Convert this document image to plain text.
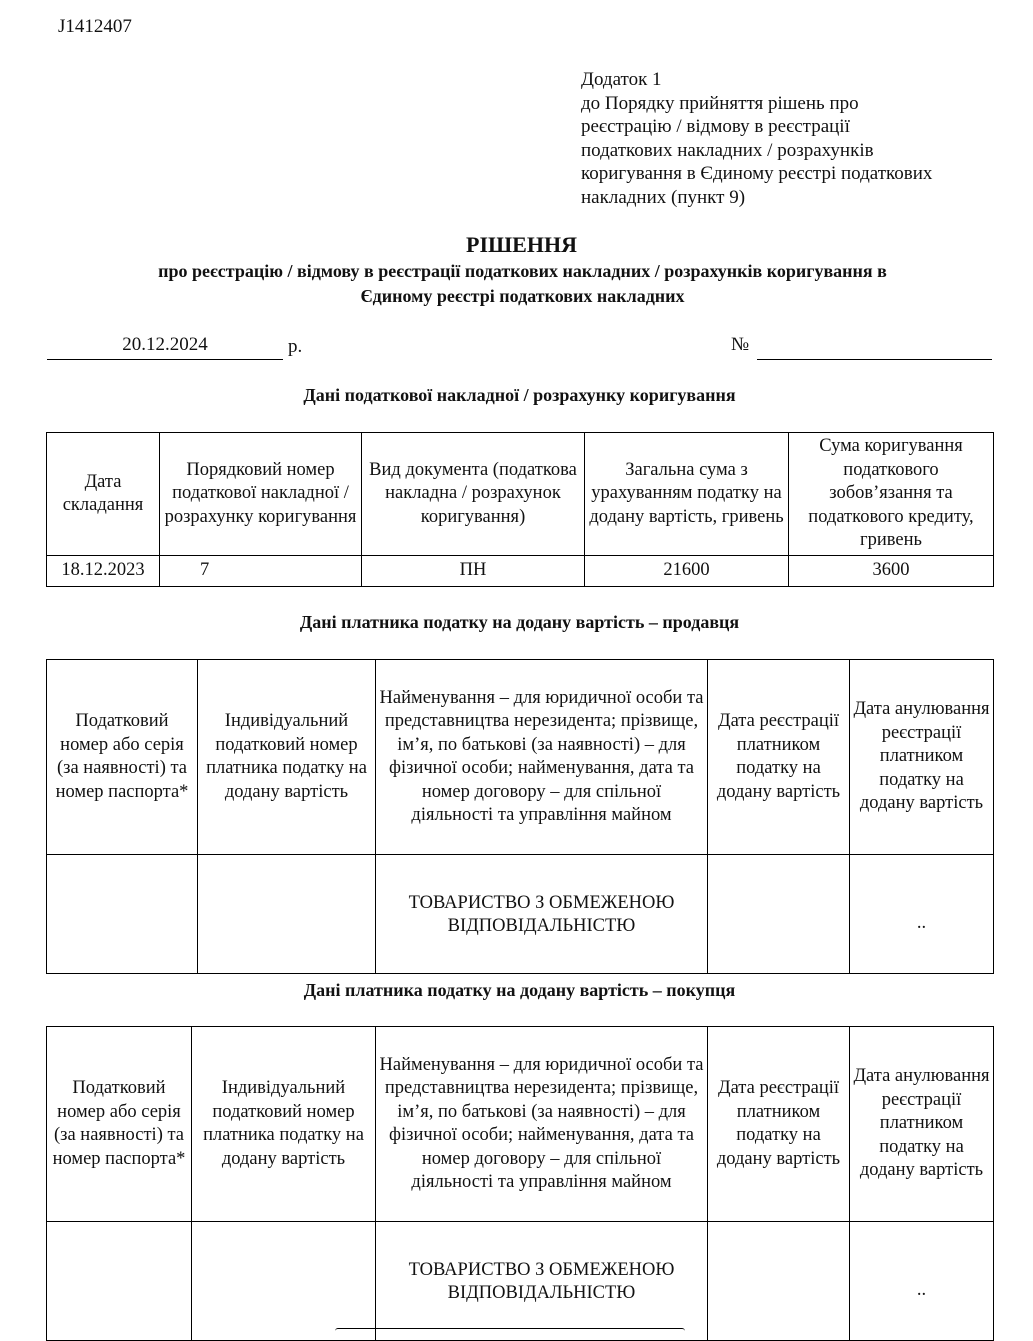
J1412407
Додаток 1
до Порядку прийняття рішень про
реєстрацію / відмову в реєстрації
податкових накладних / розрахунків
коригування в Єдиному реєстрі податкових
накладних (пункт 9)
РІШЕННЯ
про реєстрацію / відмову в реєстрації податкових накладних / розрахунків коригування в
Єдиному реєстрі податкових накладних
20.12.2024	р.	№
Дані податкової накладної / розрахунку коригування
Дата складання	Порядковий номер податкової накладної / розрахунку коригування	Вид документа (податкова накладна / розрахунок коригування)	Загальна сума з урахуванням податку на додану вартість, гривень	Сума коригування податкового зобов’язання та податкового кредиту, гривень
18.12.2023	7	ПН	21600	3600
Дані платника податку на додану вартість – продавця
Податковий номер або серія (за наявності) та номер паспорта*	Індивідуальний податковий номер платника податку на додану вартість	Найменування – для юридичної особи та представництва нерезидента; прізвище, ім’я, по батькові (за наявності) – для фізичної особи; найменування, дата та номер договору – для спільної діяльності та управління майном	Дата реєстрації платником податку на додану вартість	Дата анулювання реєстрації платником податку на додану вартість

		ТОВАРИСТВО З ОБМЕЖЕНОЮ ВІДПОВІДАЛЬНІСТЮ		..
Дані платника податку на додану вартість – покупця
Податковий номер або серія (за наявності) та номер паспорта*	Індивідуальний податковий номер платника податку на додану вартість	Найменування – для юридичної особи та представництва нерезидента; прізвище, ім’я, по батькові (за наявності) – для фізичної особи; найменування, дата та номер договору – для спільної діяльності та управління майном	Дата реєстрації платником податку на додану вартість	Дата анулювання реєстрації платником податку на додану вартість

		ТОВАРИСТВО З ОБМЕЖЕНОЮ ВІДПОВІДАЛЬНІСТЮ		..
